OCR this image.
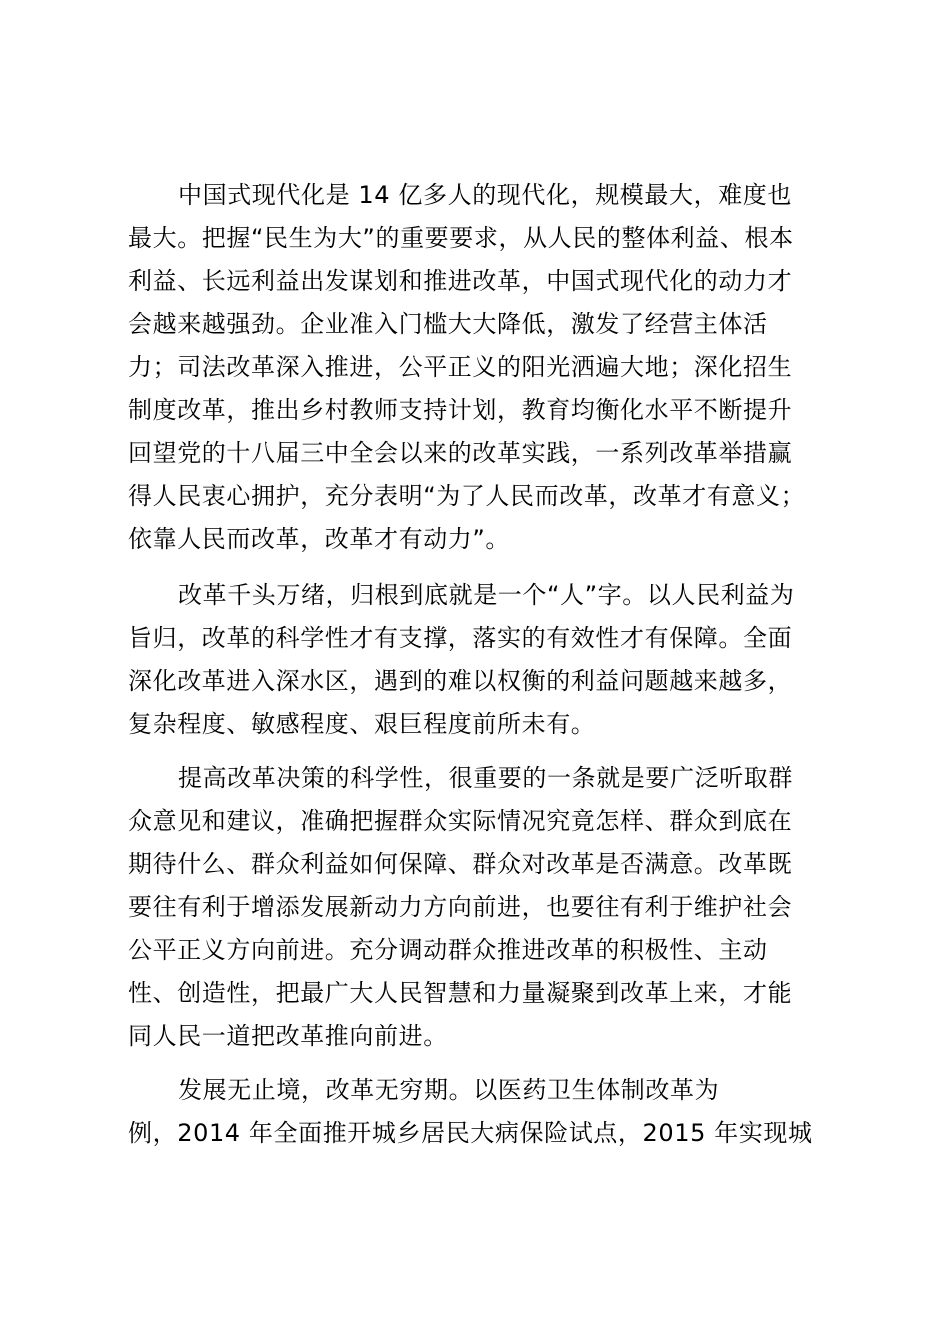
中国式现代化是 14 亿多人的现代化，规模最大，难度也
最大。把握“民生为大”的重要要求，从人民的整体利益、根本
利益、长远利益出发谋划和推进改革，中国式现代化的动力才
会越来越强劲。企业准入门槛大大降低，激发了经营主体活
力；司法改革深入推进，公平正义的阳光洒遍大地；深化招生
制度改革，推出乡村教师支持计划，教育均衡化水平不断提升
回望党的十八届三中全会以来的改革实践，一系列改革举措赢
得人民衷心拥护，充分表明“为了人民而改革，改革才有意义；
依靠人民而改革，改革才有动力”。
改革千头万绪，归根到底就是一个“人”字。以人民利益为
旨归，改革的科学性才有支撑，落实的有效性才有保障。全面
深化改革进入深水区，遇到的难以权衡的利益问题越来越多，
复杂程度、敏感程度、艰巨程度前所未有。
提高改革决策的科学性，很重要的一条就是要广泛听取群
众意见和建议，准确把握群众实际情况究竟怎样、群众到底在
期待什么、群众利益如何保障、群众对改革是否满意。改革既
要往有利于增添发展新动力方向前进，也要往有利于维护社会
公平正义方向前进。充分调动群众推进改革的积极性、主动
性、创造性，把最广大人民智慧和力量凝聚到改革上来，才能
同人民一道把改革推向前进。
发展无止境，改革无穷期。以医药卫生体制改革为
例，2014 年全面推开城乡居民大病保险试点，2015 年实现城
